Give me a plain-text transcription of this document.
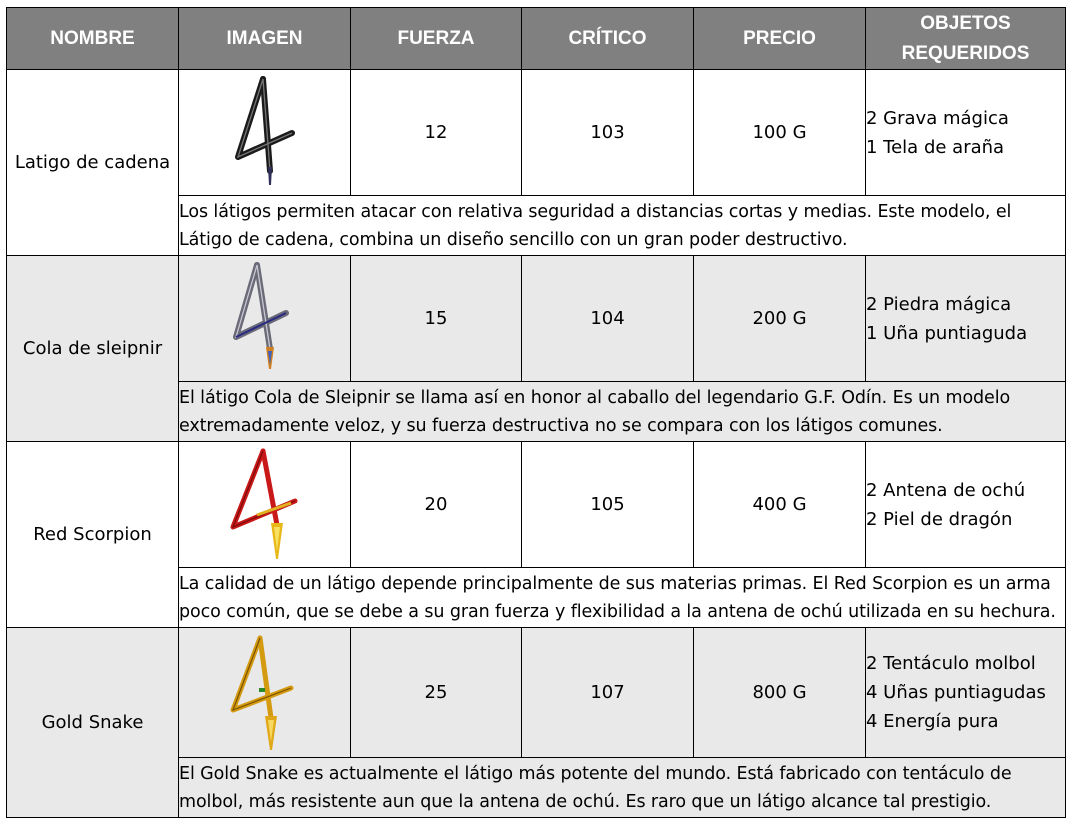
NOMBRE	IMAGEN	FUERZA	CRÍTICO	PRECIO	OBJETOS REQUERIDOS
Latigo de cadena		12	103	100 G	2 Grava mágica
1 Tela de araña

	Los látigos permiten atacar con relativa seguridad a distancias cortas y medias. Este modelo, el Látigo de cadena, combina un diseño sencillo con un gran poder destructivo.				
Cola de sleipnir		15	104	200 G	2 Piedra mágica
1 Uña puntiaguda

	El látigo Cola de Sleipnir se llama así en honor al caballo del legendario G.F. Odín. Es un modelo extremadamente veloz, y su fuerza destructiva no se compara con los látigos comunes.				
Red Scorpion		20	105	400 G	2 Antena de ochú
2 Piel de dragón

	La calidad de un látigo depende principalmente de sus materias primas. El Red Scorpion es un arma poco común, que se debe a su gran fuerza y flexibilidad a la antena de ochú utilizada en su hechura.				
Gold Snake		25	107	800 G	2 Tentáculo molbol
4 Uñas puntiagudas
4 Energía pura

	El Gold Snake es actualmente el látigo más potente del mundo. Está fabricado con tentáculo de molbol, más resistente aun que la antena de ochú. Es raro que un látigo alcance tal prestigio.				
